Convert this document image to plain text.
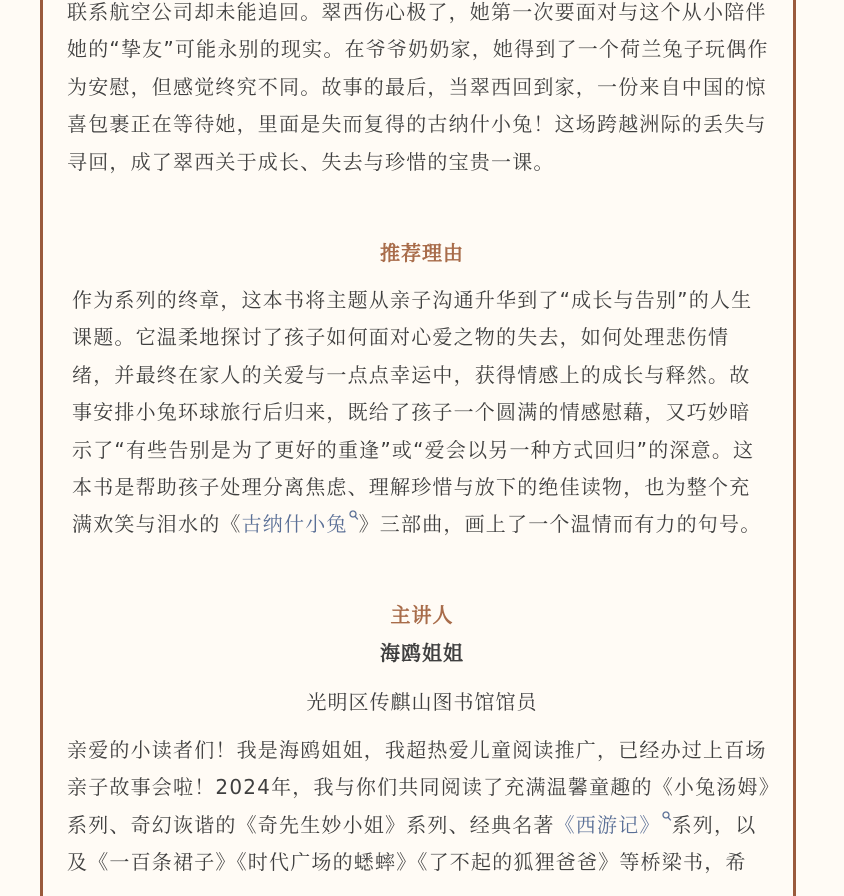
联系航空公司却未能追回。翠西伤心极了，她第一次要面对与这个从小陪伴
她的“挚友”可能永别的现实。在爷爷奶奶家，她得到了一个荷兰兔子玩偶作
为安慰，但感觉终究不同。故事的最后，当翠西回到家，一份来自中国的惊
喜包裹正在等待她，里面是失而复得的古纳什小兔！这场跨越洲际的丢失与
寻回，成了翠西关于成长、失去与珍惜的宝贵一课。
推荐理由
作为系列的终章，这本书将主题从亲子沟通升华到了“成长与告别”的人生
课题。它温柔地探讨了孩子如何面对心爱之物的失去，如何处理悲伤情
绪，并最终在家人的关爱与一点点幸运中，获得情感上的成长与释然。故
事安排小兔环球旅行后归来，既给了孩子一个圆满的情感慰藉，又巧妙暗
示了“有些告别是为了更好的重逢”或“爱会以另一种方式回归”的深意。这
本书是帮助孩子处理分离焦虑、理解珍惜与放下的绝佳读物，也为整个充
满欢笑与泪水的《古纳什小兔 》三部曲，画上了一个温情而有力的句号。
主讲人

海鸥姐姐

光明区传麒山图书馆馆员

亲爱的小读者们！我是海鸥姐姐，我超热爱儿童阅读推广，已经办过上百场
亲子故事会啦！2024年，我与你们共同阅读了充满温馨童趣的《小兔汤姆》
系列、奇幻诙谐的《奇先生妙小姐》系列、经典名著《西游记》 系列，以
及《一百条裙子》《时代广场的蟋蟀》《了不起的狐狸爸爸》等桥梁书，希
